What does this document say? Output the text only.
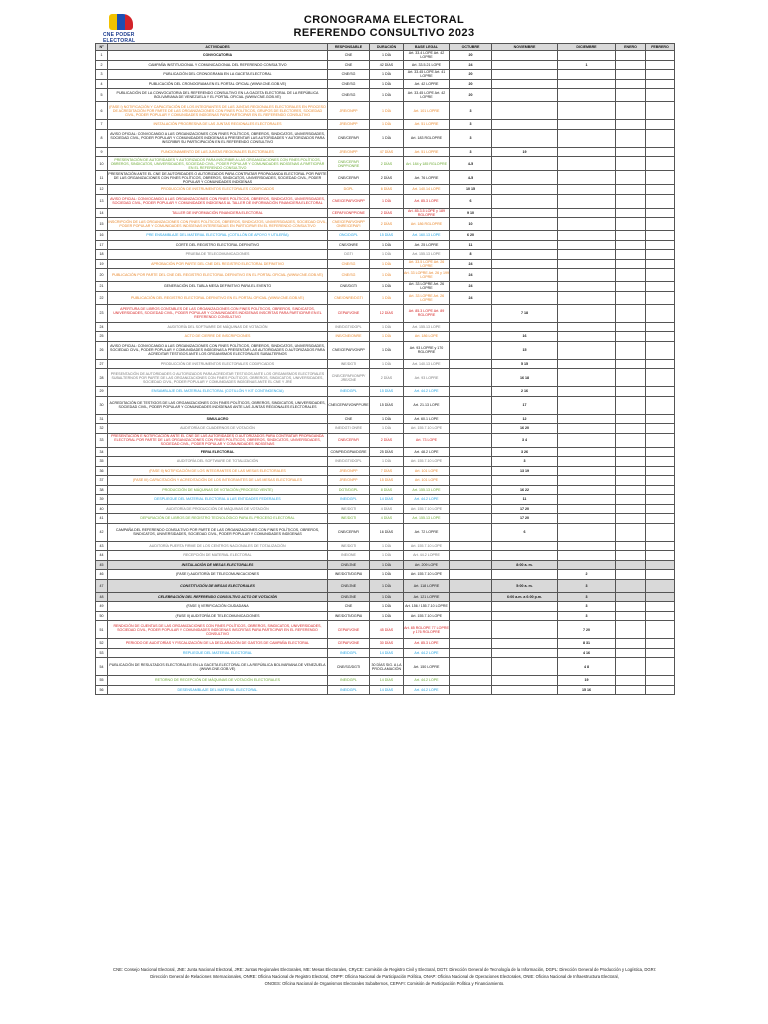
CNE PODER ELECTORAL
CRONOGRAMA ELECTORAL
REFERENDO CONSULTIVO 2023
N°	ACTIVIDADES	RESPONSABLE	DURACIÓN	BASE LEGAL	OCTUBRE	NOVIEMBRE	DICIEMBRE	ENERO	FEBRERO
1	CONVOCATORIA	CNE	1 DÍA	Art. 33.4 LOPE Art. 42 LOPRE	20				
2	CAMPAÑA INSTITUCIONAL Y COMUNICACIONAL DEL REFERENDO CONSULTIVO	CNE	42 DÍAS	Art. 33.5.21 LOPE	24		1		
3	PUBLICACIÓN DEL CRONOGRAMA EN LA GACETA ELECTORAL	CNE/SG	1 DÍA	Art. 33.45 LOPE Art. 41 LOPRE	20				
4	PUBLICACIÓN DEL CRONOGRAMA EN EL PORTAL OFICIAL (WWW.CNE.GOB.VE)	CNE/SG	1 DÍA	Art. 42 LOPRE	20				
5	PUBLICACIÓN DE LA CONVOCATORIA DEL REFERENDO CONSULTIVO EN LA GACETA ELECTORAL DE LA REPÚBLICA BOLIVARIANA DE VENEZUELA Y EL PORTAL OFICIAL (WWW.CNE.GOB.VE)	CNE/SG	1 DÍA	Art. 33.45 LOPE Art. 42 LOPRE	20				
6	(FASE I) NOTIFICACIÓN Y CAPACITACIÓN DE LOS INTEGRANTES DE LAS JUNTAS REGIONALES ELECTORALES EN PROCESO DE ACREDITACIÓN POR PARTE DE LAS ORGANIZACIONES CON FINES POLÍTICOS, GRUPOS DE ELECTORES, SOCIEDAD CIVIL, PODER POPULAR Y COMUNIDADES INDÍGENAS PARA PARTICIPAR EN EL REFERENDO CONSULTIVO	JRE/ONPP	1 DÍA	Art. 101 LOPRE	3				
7	INSTALACIÓN PROGRESIVA DE LAS JUNTAS REGIONALES ELECTORALES	JRE/ONPP	1 DÍA	Art. 51 LOPRE	3				
8	AVISO OFICIAL: CONVOCANDO A LAS ORGANIZACIONES CON FINES POLÍTICOS, OBREROS, SINDICATOS, UNIVERSIDADES, SOCIEDAD CIVIL, PODER POPULAR Y COMUNIDADES INDÍGENAS A PRESENTAR LAS AUTORIDADES Y AUTORIZADOS PARA INSCRIBIR SU PARTICIPACIÓN EN EL REFERENDO CONSULTIVO	CNE/CEPAFI	1 DÍA	Art. 183 RGLOPRE	3				
9	FUNCIONAMIENTO DE LAS JUNTAS REGIONALES ELECTORALES	JRE/ONPP	47 DÍAS	Art. 51 LOPRE	3	19			
10	PRESENTACIÓN DE AUTORIDADES Y AUTORIZADOS PARA INSCRIBIR A LAS ORGANIZACIONES CON FINES POLÍTICOS, OBREROS, SINDICATOS, UNIVERSIDADES, SOCIEDAD CIVIL, PODER POPULAR Y COMUNIDADES INDÍGENAS A PARTICIPAR EN EL REFERENDO CONSULTIVO	CNE/CEPAFI ONPP/ONRE	2 DÍAS	Art. 184 y 185 RGLOPRE	4-5				
11	PRESENTACIÓN ANTE EL CNE DE AUTORIDADES O AUTORIZADOS PARA CONTRATAR PROPAGANDA ELECTORAL POR PARTE DE LAS ORGANIZACIONES CON FINES POLÍTICOS, OBREROS, SINDICATOS, UNIVERSIDADES, SOCIEDAD CIVIL, PODER POPULAR Y COMUNIDADES INDÍGENAS	CNE/CEPAFI	2 DÍAS	Art. 76 LOPRE	4-5				
12	PRODUCCIÓN DE INSTRUMENTOS ELECTORALES CODIFICADOS	DGPL	6 DÍAS	Art. 140.14 LOPE	10 15				
13	AVISO OFICIAL: CONVOCANDO A LAS ORGANIZACIONES CON FINES POLÍTICOS, OBREROS, SINDICATOS, UNIVERSIDADES, SOCIEDAD CIVIL, PODER POPULAR Y COMUNIDADES INDÍGENAS AL TALLER DE INFORMACIÓN FINANCIERA ELECTORAL	CNE/CEPAFI/ONPP	1 DÍA	Art. 85.3 LOPE	6				
14	TALLER DE INFORMACIÓN FINANCIERA ELECTORAL	CEPAFI/ONPP/ONE	2 DÍAS	Art. 85.3.5 LOPE y 189 RGLOPRE	9 10				
15	INSCRIPCIÓN DE LAS ORGANIZACIONES CON FINES POLÍTICOS, OBREROS, SINDICATOS, UNIVERSIDADES, SOCIEDAD CIVIL, PODER POPULAR Y COMUNIDADES INDÍGENAS INTERESADAS EN PARTICIPAR EN EL REFERENDO CONSULTIVO	CNE/CEPAFI/ONPP ONRE/CEPAFI	2 DÍAS	Art. 186 RGLOPRE	10				
16	PRE ENSAMBLAJE DEL MATERIAL ELECTORAL (COTILLÓN DE APOYO Y UTILERÍA)	ONC/DGPL	15 DÍAS	Art. 160.13 LOPE	6 20				
17	CORTE DEL REGISTRO ELECTORAL DEFINITIVO	CNE/ONRE	1 DÍA	Art. 25 LOPRE	11				
18	PRUEBA DE TELECOMUNICACIONES	DGTI	1 DÍA	Art. 155.13 LOPE	8				
19	APROBACIÓN POR PARTE DEL CNE DEL REGISTRO ELECTORAL DEFINITIVO	CNE/SG	1 DÍA	Art. 33.5 LOPE Art. 26 LOPRE	24				
20	PUBLICACIÓN POR PARTE DEL CNE DEL REGISTRO ELECTORAL DEFINITIVO EN EL PORTAL OFICIAL (WWW.CNE.GOB.VE)	CNE/SG	1 DÍA	Art. 33 LOPRE Art. 26 y 199 LOPRE	24				
21	GENERACIÓN DEL TABLA MESA DEFINITIVO PARA EL EVENTO	CNE/DGTI	1 DÍA	Art. 33 LOPRE Art. 26 LOPRE	24				
22	PUBLICACIÓN DEL REGISTRO ELECTORAL DEFINITIVO EN EL PORTAL OFICIAL (WWW.CNE.GOB.VE)	CNE/ONRE/DGTI	1 DÍA	Art. 33 LOPRE Art. 26 LOPRE	24				
23	APERTURA DE LIBROS CONTABLES DE LAS ORGANIZACIONES CON FINES POLÍTICOS, OBREROS, SINDICATOS, UNIVERSIDADES, SOCIEDAD CIVIL, PODER POPULAR Y COMUNIDADES INDÍGENAS INSCRITAS PARA PARTICIPAR EN EL REFERENDO CONSULTIVO	CEPAFI/ONE	12 DÍAS	Art. 85.3 LOPE Art. 89 RGLOPRE		7 18			
24	AUDITORÍA DEL SOFTWARE DE MÁQUINAS DE VOTACIÓN	INE/DGTI/DGPL	1 DÍA	Art. 155.13 LOPE					
25	ACTO DE CIERRE DE INSCRIPCIONES	INE/CNE/ONRE	1 DÍA	Art. 186 LOPE		16			
26	AVISO OFICIAL: CONVOCANDO A LAS ORGANIZACIONES CON FINES POLÍTICOS, OBREROS, SINDICATOS, UNIVERSIDADES, SOCIEDAD CIVIL, PODER POPULAR Y COMUNIDADES INDÍGENAS A PRESENTAR LAS AUTORIDADES O AUTORIZADOS PARA ACREDITAR TESTIGOS ANTE LOS ORGANISMOS ELECTORALES SUBALTERNOS	CNE/CEPAFI/ONPP	1 DÍA	Art. 93 LOPRE y 170 RGLOPRE		15			
27	PRODUCCIÓN DE INSTRUMENTOS ELECTORALES CODIFICADOS	INE/DGTI	1 DÍA	Art. 140.13 LOPE		5 15			
28	PRESENTACIÓN DE AUTORIDADES O AUTORIZADOS PARA ACREDITAR TESTIGOS ANTE LOS ORGANISMOS ELECTORALES SUBALTERNOS POR PARTE DE LAS ORGANIZACIONES CON FINES POLÍTICOS, OBREROS, SINDICATOS, UNIVERSIDADES, SOCIEDAD CIVIL, PODER POPULAR Y COMUNIDADES INDÍGENAS ANTE EL CNE Y JRE	CNE/CEPAFI/ONPP/ JRE/CNE	2 DÍAS	Art. 93 LOPRE		16 18			
29	ENSAMBLAJE DEL MATERIAL ELECTORAL (COTILLÓN Y KIT CONTINGENCIA)	INE/DGPL	15 DÍAS	Art. 44.2 LOPE		2 16			
30	ACREDITACIÓN DE TESTIGOS DE LAS ORGANIZACIONES CON FINES POLÍTICOS, OBREROS, SINDICATOS, UNIVERSIDADES, SOCIEDAD CIVIL, PODER POPULAR Y COMUNIDADES INDÍGENAS ANTE LAS JUNTAS REGIONALES ELECTORALES	CNE/CEPAFI/ONPP/JRE	15 DÍAS	Art. 21.13 LOPE		17			
31	SIMULACRO	CNE	1 DÍA	Art. 60.1 LOPE		12			
32	AUDITORÍA DE CUADERNOS DE VOTACIÓN	INE/DGTI ONRE	1 DÍA	Art. 155.7.10 LOPE		16 20			
33	PRESENTACIÓN E NOTIFICACIÓN ANTE EL CNE DE LAS AUTORIDADES O AUTORIZADOS PARA CONTRATAR PROPAGANDA ELECTORAL POR PARTE DE LAS ORGANIZACIONES CON FINES POLÍTICOS, OBREROS, SINDICATOS, UNIVERSIDADES, SOCIEDAD CIVIL, PODER POPULAR Y COMUNIDADES INDÍGENAS	CNE/CEPAFI	2 DÍAS	Art. 73 LOPE		3 4			
34	FERIA ELECTORAL	CONPE/DGPAI/DGRE	25 DÍAS	Art. 48.2 LOPE		3 26			
35	AUDITORÍA DEL SOFTWARE DE TOTALIZACIÓN	INE/DGTI/DGPL	1 DÍA	Art. 155.7.10 LOPE		3			
36	(FASE II) NOTIFICACIÓN DE LOS INTEGRANTES DE LAS MESAS ELECTORALES	JRE/ONPP	7 DÍAS	Art. 101 LOPE		13 19			
37	(FASE III) CAPACITACIÓN Y ACREDITACIÓN DE LOS INTEGRANTES DE LAS MESAS ELECTORALES	JRE/ONPP	15 DÍAS	Art. 101 LOPE					
38	PRODUCCIÓN DE MÁQUINAS DE VOTACIÓN (PROCESO VENTE)	DGTI/DGPL	8 DÍAS	Art. 155.13 LOPE		16 22			
39	DESPLIEGUE DEL MATERIAL ELECTORAL A LAS ENTIDADES FEDERALES	INE/DGPL	14 DÍAS	Art. 44.2 LOPE		11			
40	AUDITORÍA DE PRODUCCIÓN DE MÁQUINAS DE VOTACIÓN	INE/DGTI	4 DÍAS	Art. 155.7.10 LOPE		17 20			
41	DEPURACIÓN DE LIBROS DE REGISTRO TECNOLÓGICO PARA EL PROCESO ELECTORAL	INE/DGTI	4 DÍAS	Art. 155.13 LOPE		17 20			
42	CAMPAÑA DEL REFERENDO CONSULTIVO POR PARTE DE LAS ORGANIZACIONES CON FINES POLÍTICOS, OBREROS, SINDICATOS, UNIVERSIDADES, SOCIEDAD CIVIL, PODER POPULAR Y COMUNIDADES INDÍGENAS	CNE/CEPAFI	16 DÍAS	Art. 72 LOPRE		6			
43	AUDITORÍA PUERTA FIRME DE LOS CENTROS NACIONALES DE TOTALIZACIÓN	INE/DGTI	1 DÍA	Art. 155.7.10 LOPE					
44	RECEPCIÓN DE MATERIAL ELECTORAL	INE/ONE	1 DÍA	Art. 44.2 LOPRE					
45	INSTALACIÓN DE MESAS ELECTORALES	CNE/JNE	1 DÍA	Art. 209 LOPE		8:00 a. m.			
46	(FASE I) AUDITORÍA DE TELECOMUNICACIONES	INE/DGTI/DGPAI	1 DÍA	Art. 155.7.10 LOPE			2		
47	CONSTITUCIÓN DE MESAS ELECTORALES	CNE/JNE	1 DÍA	Art. 118 LOPRE		5:00 a. m.	3		
48	CELEBRACIÓN DEL REFERENDO CONSULTIVO ACTO DE VOTACIÓN	CNE/JNE	1 DÍA	Art. 121 LOPRE		6:00 a.m. a 6:00 p.m.	3		
49	(FASE I) VERIFICACIÓN CIUDADANA	CNE	1 DÍA	Art. 156 / 155.7.10 LOPRE			3		
50	(FASE II) AUDITORÍA DE TELECOMUNICACIONES	INE/DGTI/DGPAI	1 DÍA	Art. 155.7.10 LOPE			3		
51	RENDICIÓN DE CUENTAS DE LAS ORGANIZACIONES CON FINES POLÍTICOS, OBREROS, SINDICATOS, UNIVERSIDADES, SOCIEDAD CIVIL, PODER POPULAR Y COMUNIDADES INDÍGENAS INSCRITAS PARA PARTICIPAR EN EL REFERENDO CONSULTIVO	CEPAFI/ONE	45 DÍAS	Art. 85 RGLOPE 77 LOPRE y 176 RGLOPRE			7 20		
52	PERIODO DE AUDITORÍAS Y FISCALIZACIÓN DE LA DECLARACIÓN DE GASTOS DE CAMPAÑA ELECTORAL	CEPAFI/ONE	30 DÍAS	Art. 85.3 LOPE			8 31		
53	REPLIEGUE DEL MATERIAL ELECTORAL	INE/DGPL	14 DÍAS	Art. 44.2 LOPE			4 16		
54	PUBLICACIÓN DE RESULTADOS ELECTORALES EN LA GACETA ELECTORAL DE LA REPÚBLICA BOLIVARIANA DE VENEZUELA (WWW.CNE.GOB.VE)	CNE/SG/DGTI	30 DÍAS SIG. A LA PROCLAMACIÓN	Art. 150 LOPRE			4 8		
55	RETORNO DE RECEPCIÓN DE MÁQUINAS DE VOTACIÓN ELECTORALES	INE/DGPL	14 DÍAS	Art. 44.2 LOPE			19		
56	DESENSAMBLAJE DEL MATERIAL ELECTORAL	INE/DGPL	14 DÍAS	Art. 44.2 LOPE			15 16		
CNE: Consejo Nacional Electoral, JNE: Junta Nacional Electoral, JRE: Juntas Regionales Electorales, ME: Mesas Electorales, CRyCE: Comisión de Registro Civil y Electoral, DGTI: Dirección General de Tecnología de la Información, DGPL: Dirección General de Producción y Logística, DGRI:
Dirección General de Relaciones Internacionales, ONRE: Oficina Nacional de Registro Electoral, ONPP: Oficina Nacional de Participación Política, ONAP: Oficina Nacional de Operaciones Electorales, ONIE: Oficina Nacional de Infraestructura Electoral,
ONOES: Oficina Nacional de Organismos Electorales Subalternos, CEPAFI: Comisión de Participación Política y Financiamiento.
